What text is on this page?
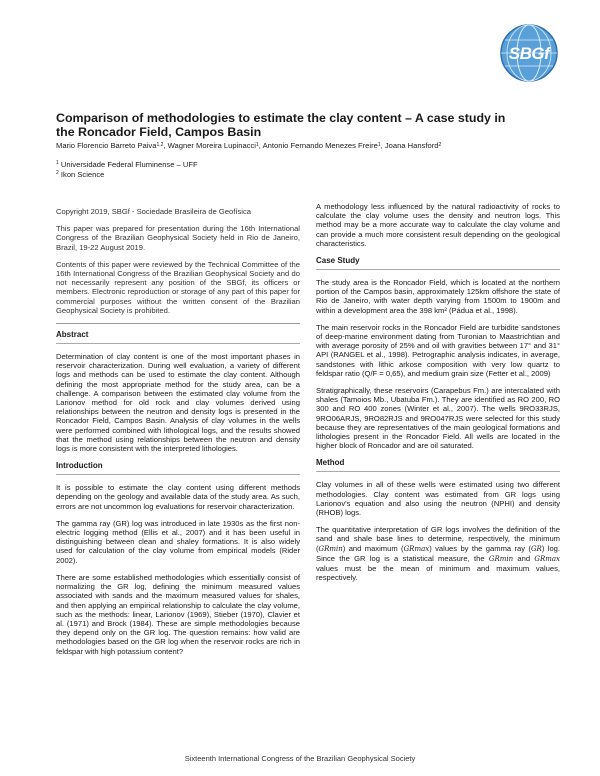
SBGf
Comparison of methodologies to estimate the clay content – A case study in the Roncador Field, Campos Basin
Mario Florencio Barreto Paiva$^{1,2}$, Wagner Moreira Lupinacci$^1$, Antonio Fernando Menezes Freire$^1$, Joana Hansford$^2$
$^1$ Universidade Federal Fluminense – UFF
$^2$ Ikon Science

Copyright 2019, SBGf - Sociedade Brasileira de Geofísica

This paper was prepared for presentation during the 16th International Congress of the Brazilian Geophysical Society held in Rio de Janeiro, Brazil, 19-22 August 2019.

Contents of this paper were reviewed by the Technical Committee of the 16th International Congress of the Brazilian Geophysical Society and do not necessarily represent any position of the SBGf, its officers or members. Electronic reproduction or storage of any part of this paper for commercial purposes without the written consent of the Brazilian Geophysical Society is prohibited.

Abstract

Determination of clay content is one of the most important phases in reservoir characterization. During well evaluation, a variety of different logs and methods can be used to estimate the clay content. Although defining the most appropriate method for the study area, can be a challenge. A comparison between the estimated clay volume from the Larionov method for old rock and clay volumes derived using relationships between the neutron and density logs is presented in the Roncador Field, Campos Basin. Analysis of clay volumes in the wells were performed combined with lithological logs, and the results showed that the method using relationships between the neutron and density logs is more consistent with the interpreted lithologies.

Introduction

It is possible to estimate the clay content using different methods depending on the geology and available data of the study area. As such, errors are not uncommon log evaluations for reservoir characterization.

The gamma ray (GR) log was introduced in late 1930s as the first non-electric logging method (Ellis et al., 2007) and it has been useful in distinguishing between clean and shaley formations. It is also widely used for calculation of the clay volume from empirical models (Rider 2002).

There are some established methodologies which essentially consist of normalizing the GR log, defining the minimum measured values associated with sands and the maximum measured values for shales, and then applying an empirical relationship to calculate the clay volume, such as the methods: linear, Larionov (1969), Stieber (1970), Clavier et al. (1971) and Brock (1984). These are simple methodologies because they depend only on the GR log. The question remains: how valid are methodologies based on the GR log when the reservoir rocks are rich in feldspar with high potassium content?

A methodology less influenced by the natural radioactivity of rocks to calculate the clay volume uses the density and neutron logs. This method may be a more accurate way to calculate the clay volume and can provide a much more consistent result depending on the geological characteristics.

Case Study

The study area is the Roncador Field, which is located at the northern portion of the Campos basin, approximately 125km offshore the state of Rio de Janeiro, with water depth varying from 1500m to 1900m and within a development area the 398 km² (Pádua et al., 1998).

The main reservoir rocks in the Roncador Field are turbidite sandstones of deep-marine environment dating from Turonian to Maastrichtian and with average porosity of 25% and oil with gravities between 17° and 31° API (RANGEL et al., 1998). Petrographic analysis indicates, in average, sandstones with lithic arkose composition with very low quartz to feldspar ratio (Q/F = 0,65), and medium grain size (Fetter et al., 2009)

Stratigraphically, these reservoirs (Carapebus Fm.) are intercalated with shales (Tamoios Mb., Ubatuba Fm.). They are identified as RO 200, RO 300 and RO 400 zones (Winter et al., 2007). The wells 9RO33RJS, 9RO06ARJS, 9RO82RJS and 9RO047RJS were selected for this study because they are representatives of the main geological formations and lithologies present in the Roncador Field. All wells are located in the higher block of Roncador and are oil saturated.

Method

Clay volumes in all of these wells were estimated using two different methodologies. Clay content was estimated from GR logs using Larionov's equation and also using the neutron (NPHI) and density (RHOB) logs.

The quantitative interpretation of GR logs involves the definition of the sand and shale base lines to determine, respectively, the minimum (GRmin) and maximum (GRmax) values by the gamma ray (GR) log. Since the GR log is a statistical measure, the GRmin and GRmax values must be the mean of minimum and maximum values, respectively.

Sixteenth International Congress of the Brazilian Geophysical Society
